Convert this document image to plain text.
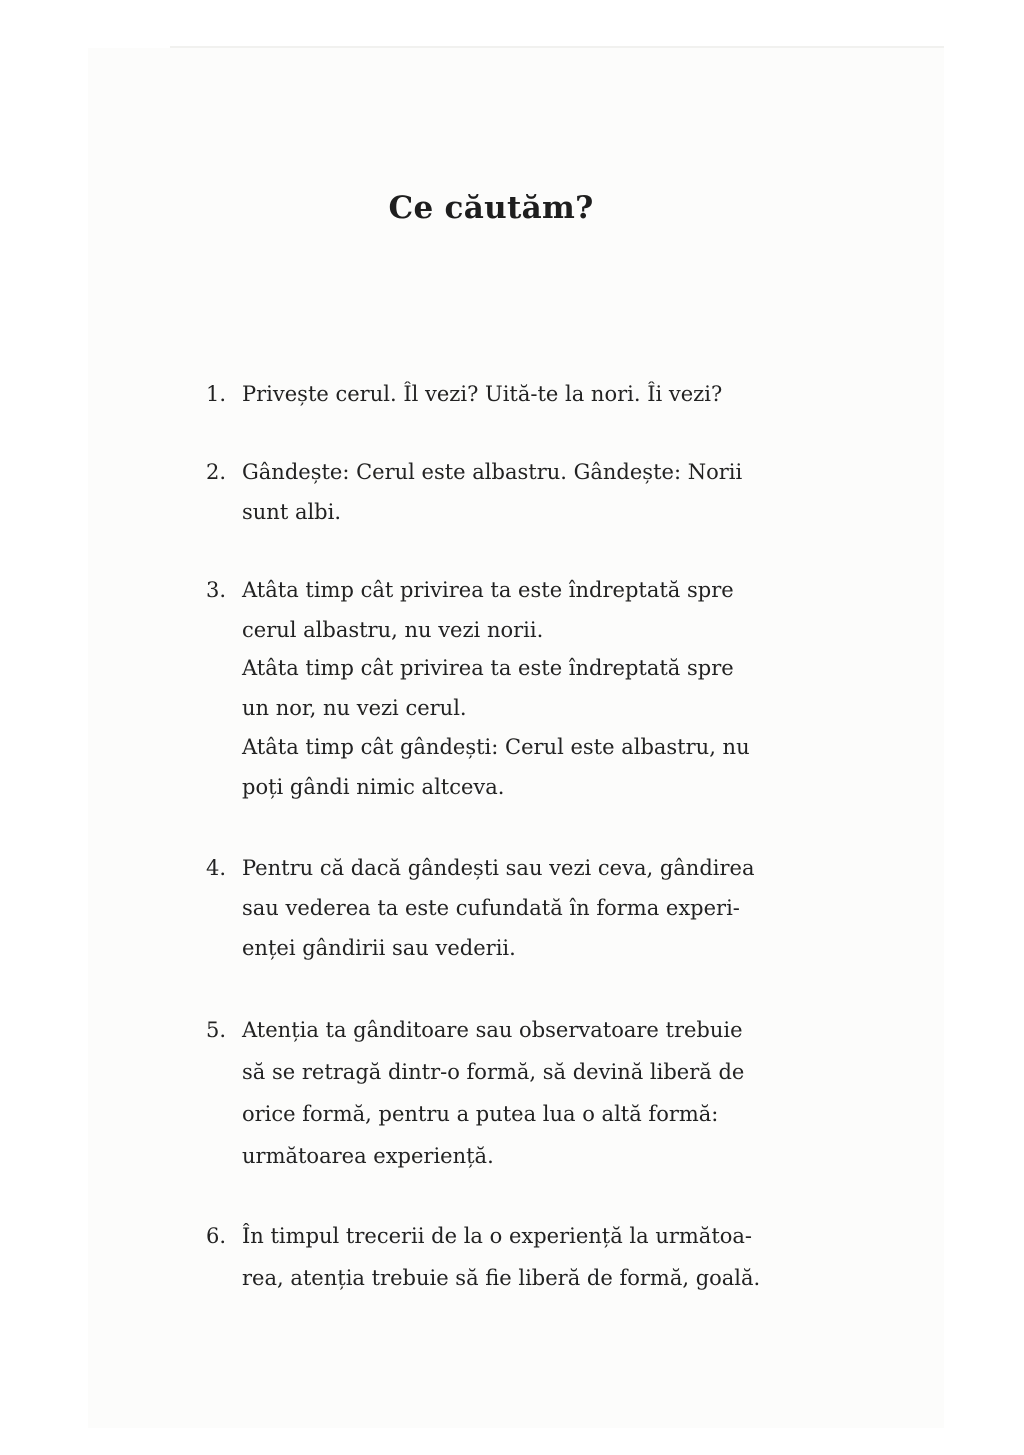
Ce căutăm?
1. Privește cerul. Îl vezi? Uită-te la nori. Îi vezi?
2. Gândește: Cerul este albastru. Gândește: Norii
sunt albi.
3. Atâta timp cât privirea ta este îndreptată spre
cerul albastru, nu vezi norii.
Atâta timp cât privirea ta este îndreptată spre
un nor, nu vezi cerul.
Atâta timp cât gândești: Cerul este albastru, nu
poți gândi nimic altceva.
4. Pentru că dacă gândești sau vezi ceva, gândirea
sau vederea ta este cufundată în forma experi-
enței gândirii sau vederii.
5. Atenția ta gânditoare sau observatoare trebuie
să se retragă dintr-o formă, să devină liberă de
orice formă, pentru a putea lua o altă formă:
următoarea experiență.
6. În timpul trecerii de la o experiență la următoa-
rea, atenția trebuie să fie liberă de formă, goală.
